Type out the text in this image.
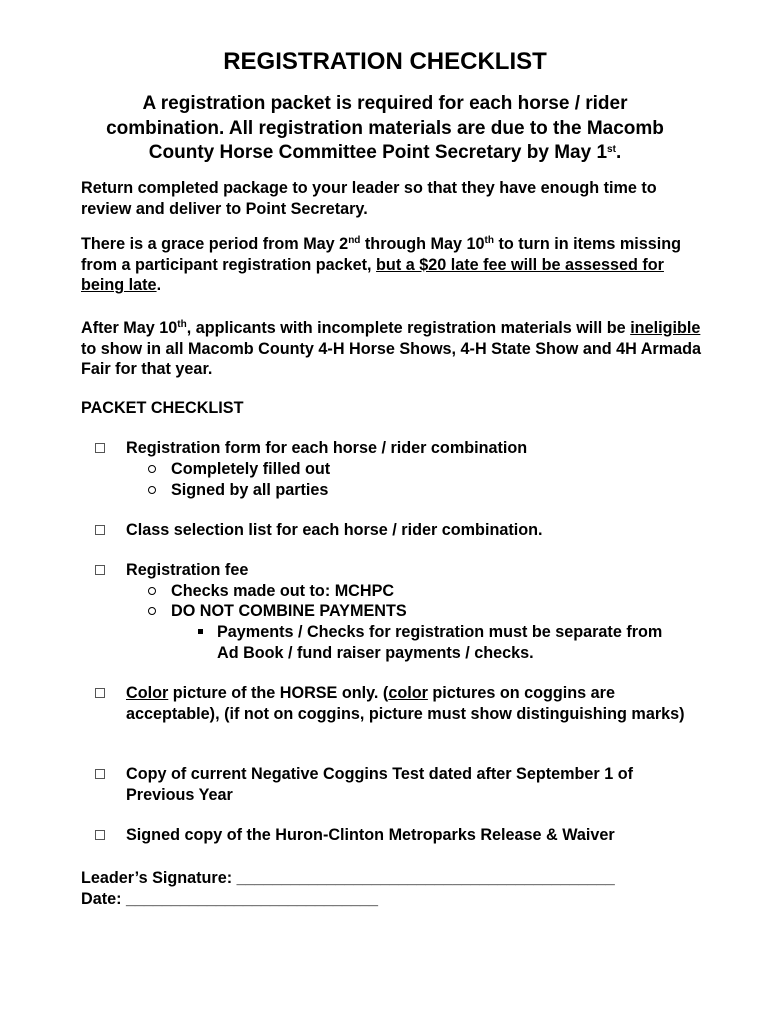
REGISTRATION CHECKLIST
A registration packet is required for each horse / rider
combination. All registration materials are due to the Macomb
County Horse Committee Point Secretary by May 1st.
Return completed package to your leader so that they have enough time to review and deliver to Point Secretary.
There is a grace period from May 2nd through May 10th to turn in items missing from a participant registration packet, but a $20 late fee will be assessed for being late.
After May 10th, applicants with incomplete registration materials will be ineligible to show in all Macomb County 4-H Horse Shows, 4-H State Show and 4H Armada Fair for that year.
PACKET CHECKLIST
Registration form for each horse / rider combination
Completely filled out
Signed by all parties
Class selection list for each horse / rider combination.
Registration fee
Checks made out to: MCHPC
DO NOT COMBINE PAYMENTS
Payments / Checks for registration must be separate from Ad Book / fund raiser payments / checks.
Color picture of the HORSE only. (color pictures on coggins are acceptable), (if not on coggins, picture must show distinguishing marks)
Copy of current Negative Coggins Test dated after September 1 of Previous Year
Signed copy of the Huron-Clinton Metroparks Release & Waiver
Leader’s Signature: __________________________________________
Date: ____________________________
